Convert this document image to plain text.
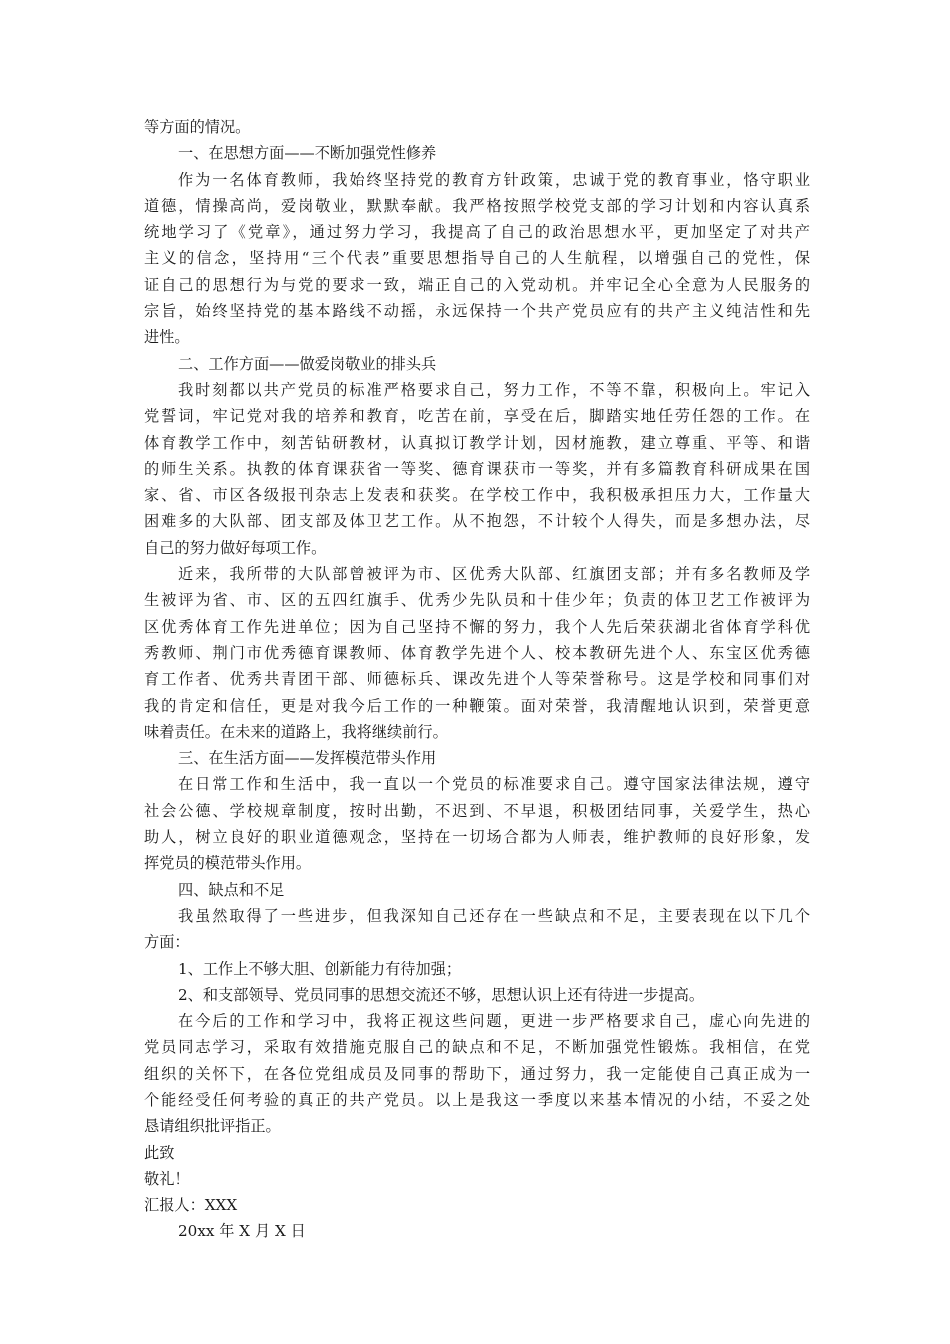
等方面的情况。
一、在思想方面——不断加强党性修养
作为一名体育教师，我始终坚持党的教育方针政策，忠诚于党的教育事业，恪守职业
道德，情操高尚，爱岗敬业，默默奉献。我严格按照学校党支部的学习计划和内容认真系
统地学习了《党章》，通过努力学习，我提高了自己的政治思想水平，更加坚定了对共产
主义的信念，坚持用“三个代表”重要思想指导自己的人生航程，以增强自己的党性，保
证自己的思想行为与党的要求一致，端正自己的入党动机。并牢记全心全意为人民服务的
宗旨，始终坚持党的基本路线不动摇，永远保持一个共产党员应有的共产主义纯洁性和先
进性。
二、工作方面——做爱岗敬业的排头兵
我时刻都以共产党员的标准严格要求自己，努力工作，不等不靠，积极向上。牢记入
党誓词，牢记党对我的培养和教育，吃苦在前，享受在后，脚踏实地任劳任怨的工作。在
体育教学工作中，刻苦钻研教材，认真拟订教学计划，因材施教，建立尊重、平等、和谐
的师生关系。执教的体育课获省一等奖、德育课获市一等奖，并有多篇教育科研成果在国
家、省、市区各级报刊杂志上发表和获奖。在学校工作中，我积极承担压力大，工作量大
困难多的大队部、团支部及体卫艺工作。从不抱怨，不计较个人得失，而是多想办法，尽
自己的努力做好每项工作。
近来，我所带的大队部曾被评为市、区优秀大队部、红旗团支部；并有多名教师及学
生被评为省、市、区的五四红旗手、优秀少先队员和十佳少年；负责的体卫艺工作被评为
区优秀体育工作先进单位；因为自己坚持不懈的努力，我个人先后荣获湖北省体育学科优
秀教师、荆门市优秀德育课教师、体育教学先进个人、校本教研先进个人、东宝区优秀德
育工作者、优秀共青团干部、师德标兵、课改先进个人等荣誉称号。这是学校和同事们对
我的肯定和信任，更是对我今后工作的一种鞭策。面对荣誉，我清醒地认识到，荣誉更意
味着责任。在未来的道路上，我将继续前行。
三、在生活方面——发挥模范带头作用
在日常工作和生活中，我一直以一个党员的标准要求自己。遵守国家法律法规，遵守
社会公德、学校规章制度，按时出勤，不迟到、不早退，积极团结同事，关爱学生，热心
助人，树立良好的职业道德观念，坚持在一切场合都为人师表，维护教师的良好形象，发
挥党员的模范带头作用。
四、缺点和不足
我虽然取得了一些进步，但我深知自己还存在一些缺点和不足，主要表现在以下几个
方面：
1、工作上不够大胆、创新能力有待加强；
2、和支部领导、党员同事的思想交流还不够，思想认识上还有待进一步提高。
在今后的工作和学习中，我将正视这些问题，更进一步严格要求自己，虚心向先进的
党员同志学习，采取有效措施克服自己的缺点和不足，不断加强党性锻炼。我相信，在党
组织的关怀下，在各位党组成员及同事的帮助下，通过努力，我一定能使自己真正成为一
个能经受任何考验的真正的共产党员。以上是我这一季度以来基本情况的小结，不妥之处
恳请组织批评指正。
此致
敬礼！
汇报人：XXX
20xx 年 X 月 X 日
